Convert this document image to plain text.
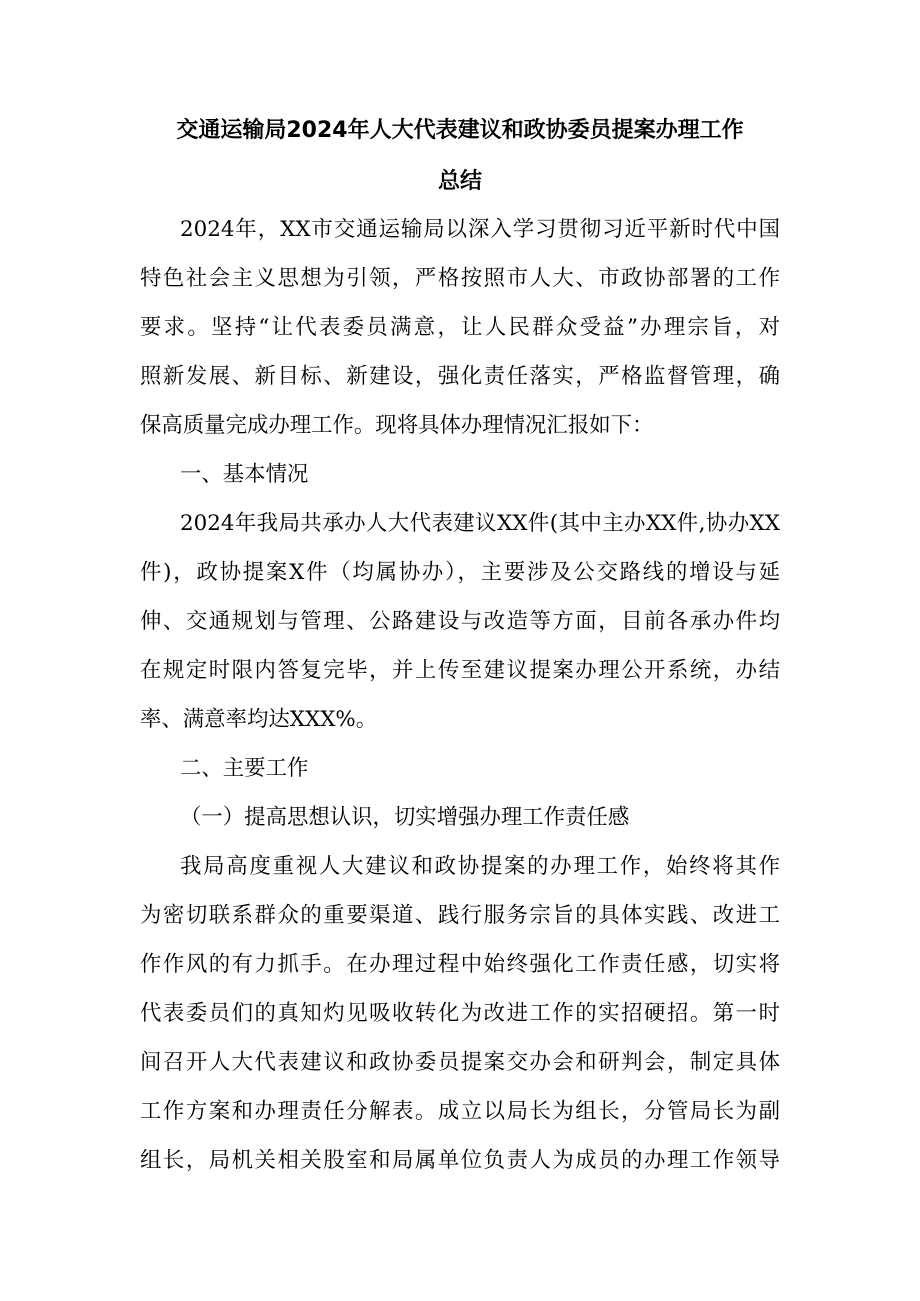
交通运输局2024年人大代表建议和政协委员提案办理工作
总结
2024年，XX市交通运输局以深入学习贯彻习近平新时代中国
特色社会主义思想为引领，严格按照市人大、市政协部署的工作
要求。坚持“让代表委员满意，让人民群众受益”办理宗旨，对
照新发展、新目标、新建设，强化责任落实，严格监督管理，确
保高质量完成办理工作。现将具体办理情况汇报如下：
一、基本情况
2024年我局共承办人大代表建议XX件(其中主办XX件,协办XX
件)，政协提案X件（均属协办），主要涉及公交路线的增设与延
伸、交通规划与管理、公路建设与改造等方面，目前各承办件均
在规定时限内答复完毕，并上传至建议提案办理公开系统，办结
率、满意率均达XXX%。
二、主要工作
（一）提高思想认识，切实增强办理工作责任感
我局高度重视人大建议和政协提案的办理工作，始终将其作
为密切联系群众的重要渠道、践行服务宗旨的具体实践、改进工
作作风的有力抓手。在办理过程中始终强化工作责任感，切实将
代表委员们的真知灼见吸收转化为改进工作的实招硬招。第一时
间召开人大代表建议和政协委员提案交办会和研判会，制定具体
工作方案和办理责任分解表。成立以局长为组长，分管局长为副
组长，局机关相关股室和局属单位负责人为成员的办理工作领导
